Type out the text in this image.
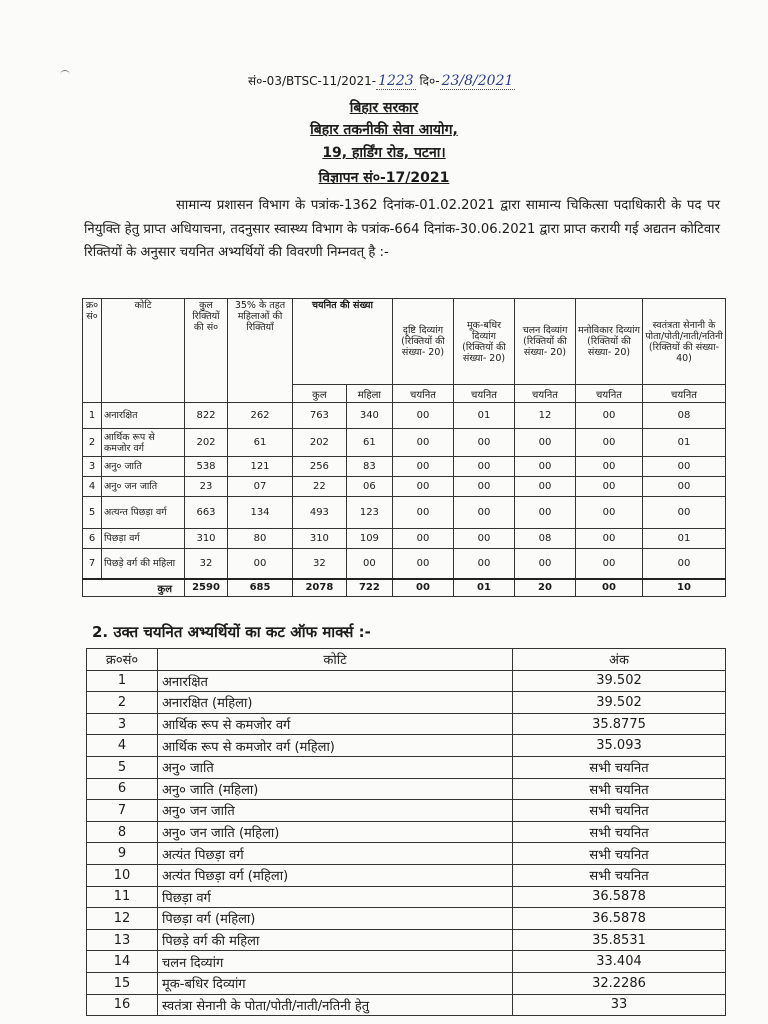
सं०-03/BTSC-11/2021- 1223 दि०- 23/8/2021
बिहार सरकार
बिहार तकनीकी सेवा आयोग,
19, हार्डिंग रोड, पटना।
विज्ञापन सं०-17/2021
सामान्य प्रशासन विभाग के पत्रांक-1362 दिनांक-01.02.2021 द्वारा सामान्य चिकित्सा पदाधिकारी के पद पर नियुक्ति हेतु प्राप्त अधियाचना, तदनुसार स्वास्थ्य विभाग के पत्रांक-664 दिनांक-30.06.2021 द्वारा प्राप्त करायी गई अद्यतन कोटिवार रिक्तियों के अनुसार चयनित अभ्यर्थियों की विवरणी निम्नवत् है :-
क्र० सं०	कोटि	कुल रिक्तियों की सं०	35% के तहत महिलाओं की रिक्तियाँ	चयनित की संख्या		दृष्टि दिव्यांग (रिक्तियों की संख्या- 20)	मूक-बधिर दिव्यांग (रिक्तियों की संख्या- 20)	चलन दिव्यांग (रिक्तियों की संख्या- 20)	मनोविकार दिव्यांग (रिक्तियों की संख्या- 20)	स्वतंत्रता सेनानी के पोता/पोती/नाती/नतिनी (रिक्तियों की संख्या- 40)
				कुल	महिला	चयनित	चयनित	चयनित	चयनित	चयनित
1	अनारक्षित	822	262	763	340	00	01	12	00	08
2	आर्थिक रूप से कमजोर वर्ग	202	61	202	61	00	00	00	00	01
3	अनु० जाति	538	121	256	83	00	00	00	00	00
4	अनु० जन जाति	23	07	22	06	00	00	00	00	00
5	अत्यन्त पिछड़ा वर्ग	663	134	493	123	00	00	00	00	00
6	पिछड़ा वर्ग	310	80	310	109	00	00	08	00	01
7	पिछड़े वर्ग की महिला	32	00	32	00	00	00	00	00	00
कुल		2590	685	2078	722	00	01	20	00	10
2. उक्त चयनित अभ्यर्थियों का कट ऑफ मार्क्स :-
क्र०सं०	कोटि	अंक
1	अनारक्षित	39.502
2	अनारक्षित (महिला)	39.502
3	आर्थिक रूप से कमजोर वर्ग	35.8775
4	आर्थिक रूप से कमजोर वर्ग (महिला)	35.093
5	अनु० जाति	सभी चयनित
6	अनु० जाति (महिला)	सभी चयनित
7	अनु० जन जाति	सभी चयनित
8	अनु० जन जाति (महिला)	सभी चयनित
9	अत्यंत पिछड़ा वर्ग	सभी चयनित
10	अत्यंत पिछड़ा वर्ग (महिला)	सभी चयनित
11	पिछड़ा वर्ग	36.5878
12	पिछड़ा वर्ग (महिला)	36.5878
13	पिछड़े वर्ग की महिला	35.8531
14	चलन दिव्यांग	33.404
15	मूक-बधिर दिव्यांग	32.2286
16	स्वतंत्रा सेनानी के पोता/पोती/नाती/नतिनी हेतु	33
